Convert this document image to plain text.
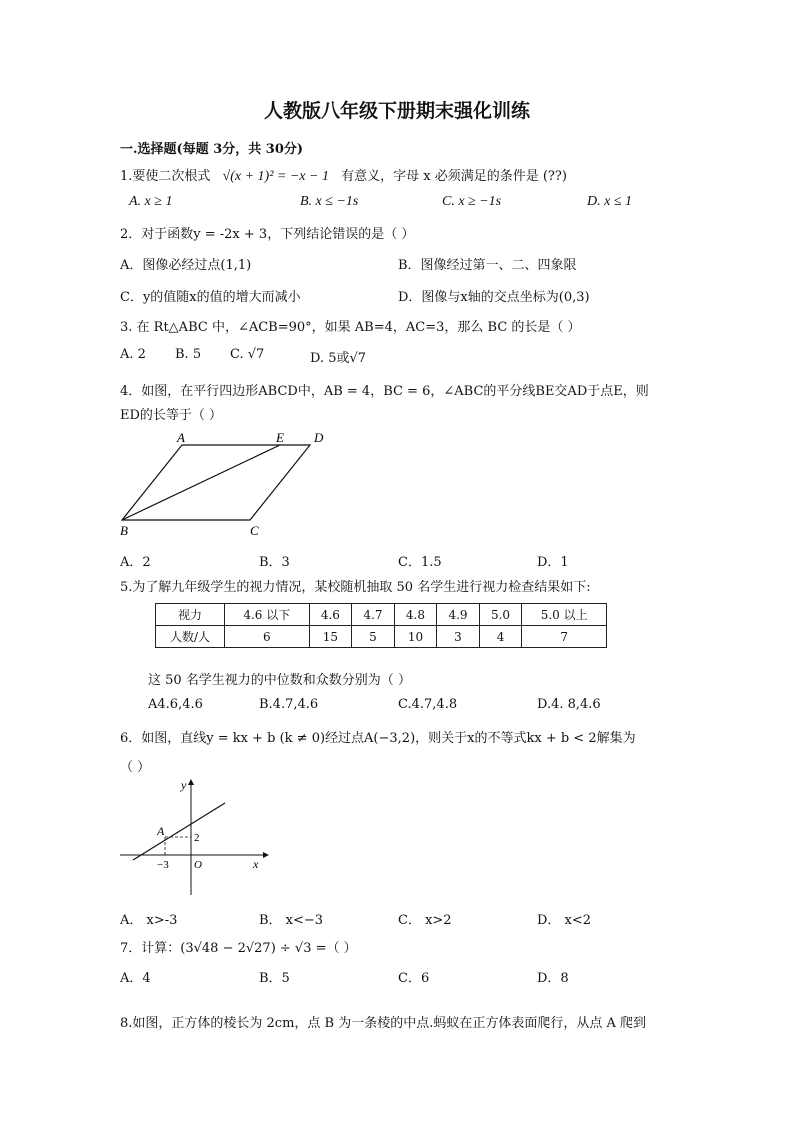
人教版八年级下册期末强化训练
一.选择题(每题 3分，共 30分)
1.要使二次根式 √(x + 1)² = −x − 1 有意义，字母 x 必须满足的条件是 (??)
A. x ≥ 1	B. x ≤ −1s	C. x ≥ −1s	D. x ≤ 1
2．对于函数y = -2x + 3，下列结论错误的是（ ）
A．图像必经过点(1,1)	B．图像经过第一、二、四象限
C．y的值随x的值的增大而减小	D．图像与x轴的交点坐标为(0,3)
3. 在 Rt△ABC 中，∠ACB=90°，如果 AB=4，AC=3，那么 BC 的长是（ ）
A. 2 B. 5 C. √7	D. 5或√7
4．如图，在平行四边形ABCD中，AB = 4，BC = 6，∠ABC的平分线BE交AD于点E，则
ED的长等于（ ）
A	E D
B	C
A．2	B．3	C．1.5	D．1
5.为了解九年级学生的视力情况，某校随机抽取 50 名学生进行视力检查结果如下:
视力	4.6 以下	4.6	4.7	4.8	4.9	5.0	5.0 以上
人数/人	6	15	5	10	3	4	7
这 50 名学生视力的中位数和众数分别为（ ）
A4.6,4.6	B.4.7,4.6	C.4.7,4.8	D.4. 8,4.6
6．如图，直线y = kx + b (k ≠ 0)经过点A(−3,2)，则关于x的不等式kx + b < 2解集为
（ ）
y
A	2
−3 O	x
A． x>-3	B． x<−3	C． x>2	D． x<2
7．计算：(3√48 − 2√27) ÷ √3 =（ ）
A．4	B．5	C．6	D．8
8.如图，正方体的棱长为 2cm，点 B 为一条棱的中点.蚂蚁在正方体表面爬行，从点 A 爬到
